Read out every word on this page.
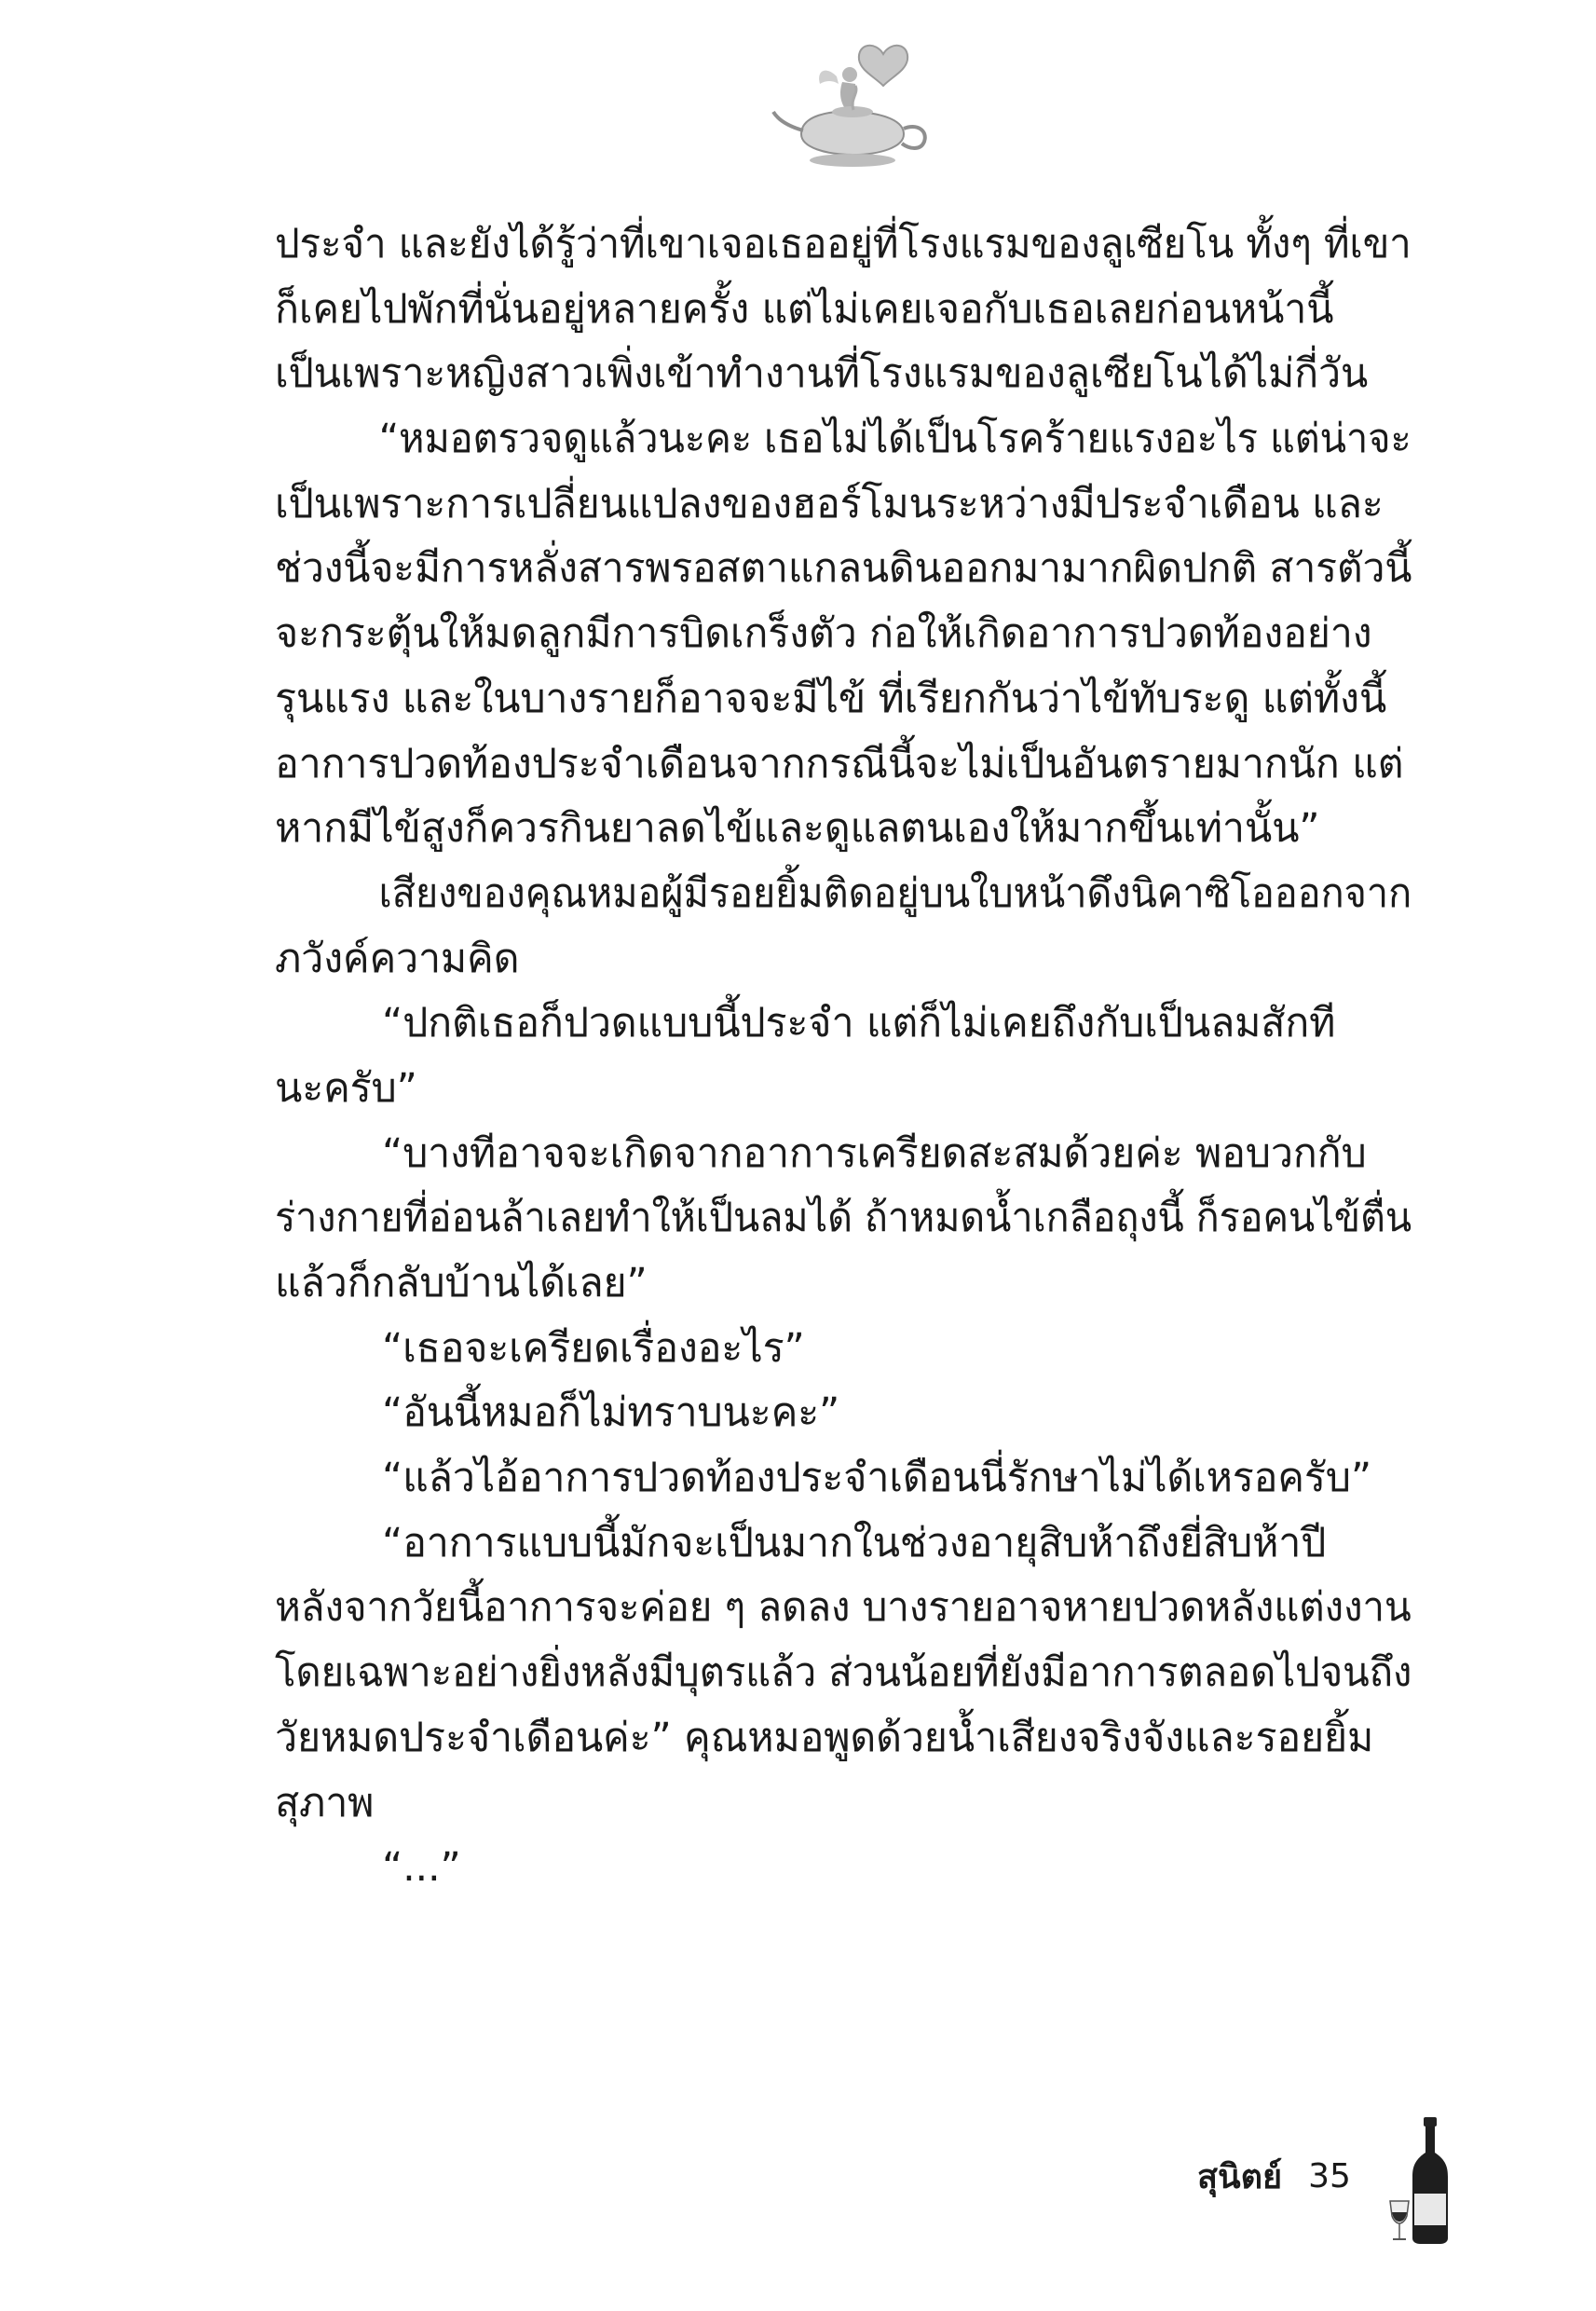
ประจำ และยังได้รู้ว่าที่เขาเจอเธออยู่ที่โรงแรมของลูเซียโน ทั้งๆ ที่เขา
ก็เคยไปพักที่นั่นอยู่หลายครั้ง แต่ไม่เคยเจอกับเธอเลยก่อนหน้านี้
เป็นเพราะหญิงสาวเพิ่งเข้าทำงานที่โรงแรมของลูเซียโนได้ไม่กี่วัน
“หมอตรวจดูแล้วนะคะ เธอไม่ได้เป็นโรคร้ายแรงอะไร แต่น่าจะ
เป็นเพราะการเปลี่ยนแปลงของฮอร์โมนระหว่างมีประจำเดือน และ
ช่วงนี้จะมีการหลั่งสารพรอสตาแกลนดินออกมามากผิดปกติ สารตัวนี้
จะกระตุ้นให้มดลูกมีการบิดเกร็งตัว ก่อให้เกิดอาการปวดท้องอย่าง
รุนแรง และในบางรายก็อาจจะมีไข้ ที่เรียกกันว่าไข้ทับระดู แต่ทั้งนี้
อาการปวดท้องประจำเดือนจากกรณีนี้จะไม่เป็นอันตรายมากนัก แต่
หากมีไข้สูงก็ควรกินยาลดไข้และดูแลตนเองให้มากขึ้นเท่านั้น”
เสียงของคุณหมอผู้มีรอยยิ้มติดอยู่บนใบหน้าดึงนิคาซิโอออกจาก
ภวังค์ความคิด
“ปกติเธอก็ปวดแบบนี้ประจำ แต่ก็ไม่เคยถึงกับเป็นลมสักที
นะครับ”
“บางทีอาจจะเกิดจากอาการเครียดสะสมด้วยค่ะ พอบวกกับ
ร่างกายที่อ่อนล้าเลยทำให้เป็นลมได้ ถ้าหมดน้ำเกลือถุงนี้ ก็รอคนไข้ตื่น
แล้วก็กลับบ้านได้เลย”
“เธอจะเครียดเรื่องอะไร”
“อันนี้หมอก็ไม่ทราบนะคะ”
“แล้วไอ้อาการปวดท้องประจำเดือนนี่รักษาไม่ได้เหรอครับ”
“อาการแบบนี้มักจะเป็นมากในช่วงอายุสิบห้าถึงยี่สิบห้าปี
หลังจากวัยนี้อาการจะค่อย ๆ ลดลง บางรายอาจหายปวดหลังแต่งงาน
โดยเฉพาะอย่างยิ่งหลังมีบุตรแล้ว ส่วนน้อยที่ยังมีอาการตลอดไปจนถึง
วัยหมดประจำเดือนค่ะ” คุณหมอพูดด้วยน้ำเสียงจริงจังและรอยยิ้ม
สุภาพ
“...”
สุนิตย์ 35
